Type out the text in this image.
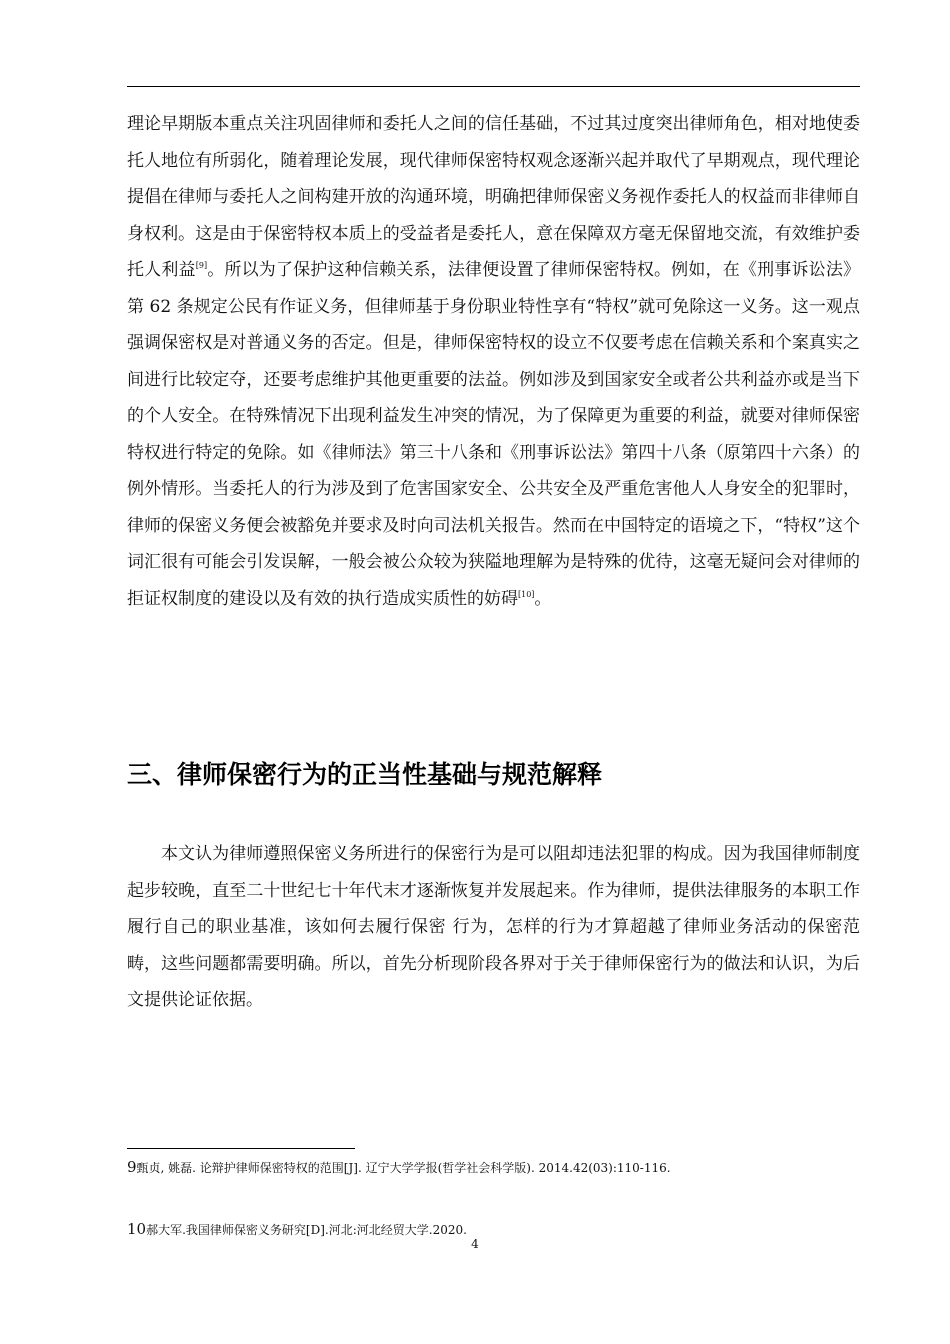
理论早期版本重点关注巩固律师和委托人之间的信任基础，不过其过度突出律师角色，相对地使委托人地位有所弱化，随着理论发展，现代律师保密特权观念逐渐兴起并取代了早期观点，现代理论提倡在律师与委托人之间构建开放的沟通环境，明确把律师保密义务视作委托人的权益而非律师自身权利。这是由于保密特权本质上的受益者是委托人，意在保障双方毫无保留地交流，有效维护委托人利益[9]。所以为了保护这种信赖关系，法律便设置了律师保密特权。例如，在《刑事诉讼法》第 62 条规定公民有作证义务，但律师基于身份职业特性享有“特权”就可免除这一义务。这一观点强调保密权是对普通义务的否定。但是，律师保密特权的设立不仅要考虑在信赖关系和个案真实之间进行比较定夺，还要考虑维护其他更重要的法益。例如涉及到国家安全或者公共利益亦或是当下的个人安全。在特殊情况下出现利益发生冲突的情况，为了保障更为重要的利益，就要对律师保密特权进行特定的免除。如《律师法》第三十八条和《刑事诉讼法》第四十八条（原第四十六条）的例外情形。当委托人的行为涉及到了危害国家安全、公共安全及严重危害他人人身安全的犯罪时，律师的保密义务便会被豁免并要求及时向司法机关报告。然而在中国特定的语境之下，“特权”这个词汇很有可能会引发误解，一般会被公众较为狭隘地理解为是特殊的优待，这毫无疑问会对律师的拒证权制度的建设以及有效的执行造成实质性的妨碍[10]。

三、律师保密行为的正当性基础与规范解释

本文认为律师遵照保密义务所进行的保密行为是可以阻却违法犯罪的构成。因为我国律师制度起步较晚，直至二十世纪七十年代末才逐渐恢复并发展起来。作为律师，提供法律服务的本职工作履行自己的职业基准，该如何去履行保密 行为，怎样的行为才算超越了律师业务活动的保密范畴，这些问题都需要明确。所以，首先分析现阶段各界对于关于律师保密行为的做法和认识，为后文提供论证依据。

9甄贞, 姚磊. 论辩护律师保密特权的范围[J]. 辽宁大学学报(哲学社会科学版). 2014.42(03):110-116.

10郝大军.我国律师保密义务研究[D].河北:河北经贸大学.2020.

4
